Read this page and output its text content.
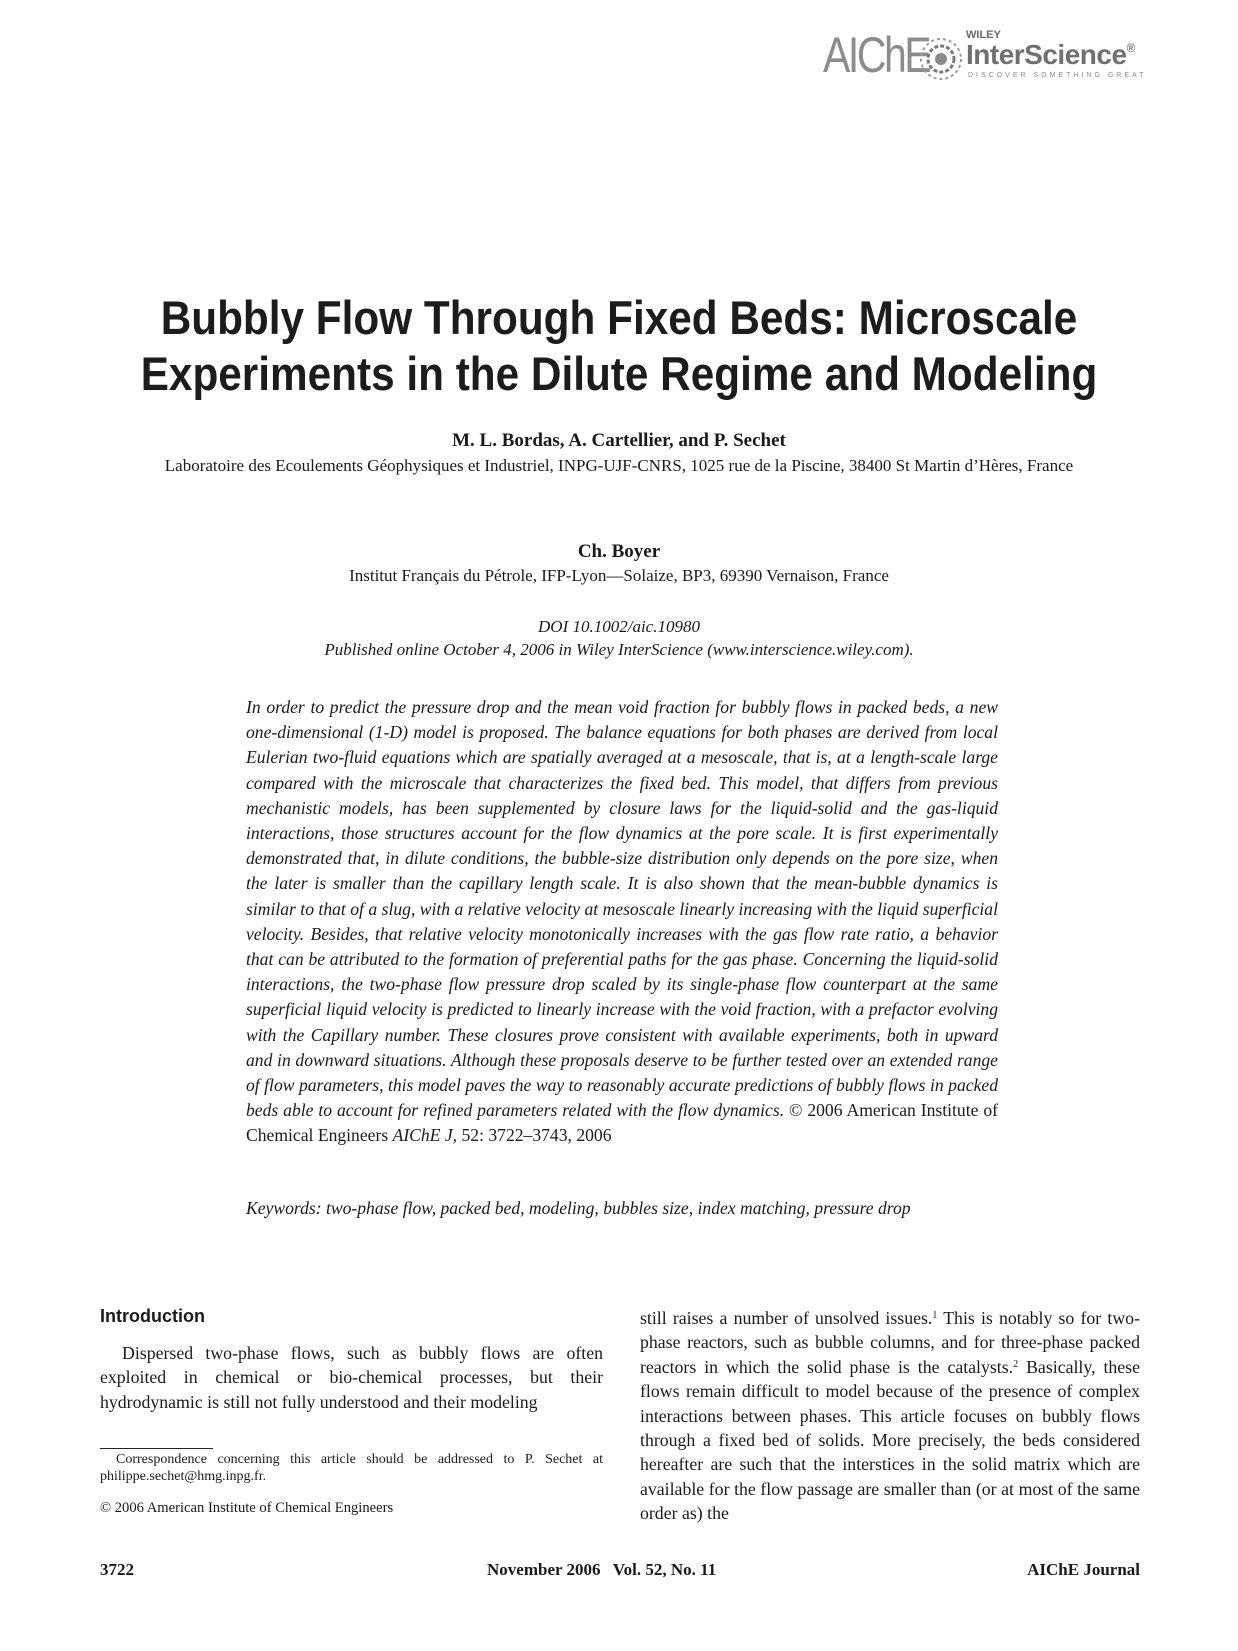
AIChE	WILEY
InterScience®
DISCOVER SOMETHING GREAT
Bubbly Flow Through Fixed Beds: Microscale
Experiments in the Dilute Regime and Modeling
M. L. Bordas, A. Cartellier, and P. Sechet
Laboratoire des Ecoulements Géophysiques et Industriel, INPG-UJF-CNRS, 1025 rue de la Piscine, 38400 St Martin d’Hères, France
Ch. Boyer
Institut Français du Pétrole, IFP-Lyon—Solaize, BP3, 69390 Vernaison, France
DOI 10.1002/aic.10980
Published online October 4, 2006 in Wiley InterScience (www.interscience.wiley.com).

In order to predict the pressure drop and the mean void fraction for bubbly flows in packed beds, a new one-dimensional (1-D) model is proposed. The balance equations for both phases are derived from local Eulerian two-fluid equations which are spatially averaged at a mesoscale, that is, at a length-scale large compared with the microscale that characterizes the fixed bed. This model, that differs from previous mechanistic models, has been supplemented by closure laws for the liquid-solid and the gas-liquid interactions, those structures account for the flow dynamics at the pore scale. It is first experimentally demonstrated that, in dilute conditions, the bubble-size distribution only depends on the pore size, when the later is smaller than the capillary length scale. It is also shown that the mean-bubble dynamics is similar to that of a slug, with a relative velocity at mesoscale linearly increasing with the liquid superficial velocity. Besides, that relative velocity monotonically increases with the gas flow rate ratio, a behavior that can be attributed to the formation of preferential paths for the gas phase. Concerning the liquid-solid interactions, the two-phase flow pressure drop scaled by its single-phase flow counterpart at the same superficial liquid velocity is predicted to linearly increase with the void fraction, with a prefactor evolving with the Capillary number. These closures prove consistent with available experiments, both in upward and in downward situations. Although these proposals deserve to be further tested over an extended range of flow parameters, this model paves the way to reasonably accurate predictions of bubbly flows in packed beds able to account for refined parameters related with the flow dynamics. © 2006 American Institute of Chemical Engineers AIChE J, 52: 3722–3743, 2006

Keywords: two-phase flow, packed bed, modeling, bubbles size, index matching, pressure drop

Introduction

Dispersed two-phase flows, such as bubbly flows are often exploited in chemical or bio-chemical processes, but their hydrodynamic is still not fully understood and their modeling

Correspondence concerning this article should be addressed to P. Sechet at philippe.sechet@hmg.inpg.fr.

© 2006 American Institute of Chemical Engineers

still raises a number of unsolved issues.$^1$ This is notably so for two-phase reactors, such as bubble columns, and for three-phase packed reactors in which the solid phase is the catalysts.$^2$ Basically, these flows remain difficult to model because of the presence of complex interactions between phases. This article focuses on bubbly flows through a fixed bed of solids. More precisely, the beds considered hereafter are such that the interstices in the solid matrix which are available for the flow passage are smaller than (or at most of the same order as) the

3722	November 2006   Vol. 52, No. 11	AIChE Journal
